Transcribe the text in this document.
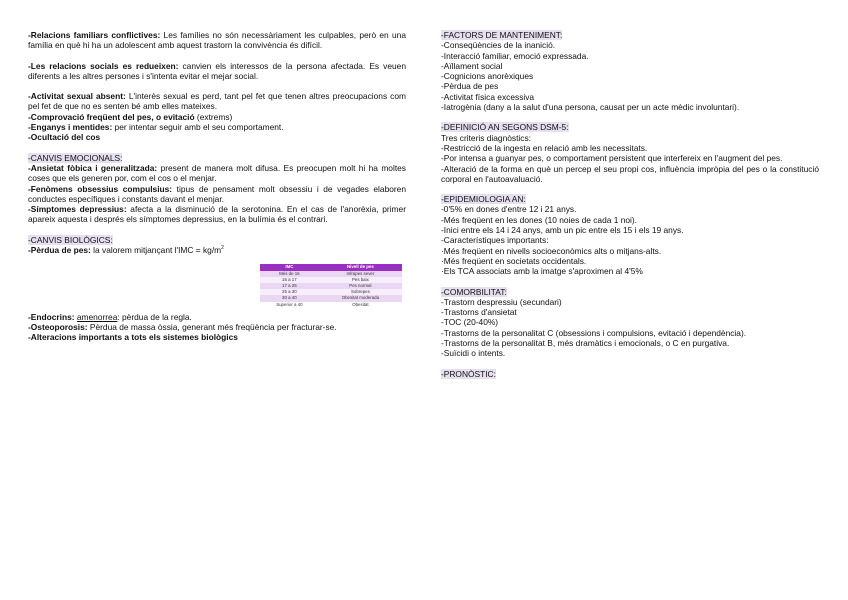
-Relacions familiars conflictives: Les famílies no són necessàriament les culpables, però en una família en què hi ha un adolescent amb aquest trastorn la convivència és difícil.

-Les relacions socials es redueixen: canvien els interessos de la persona afectada. Es veuen diferents a les altres persones i s'intenta evitar el mejar social.

-Activitat sexual absent: L'interès sexual es perd, tant pel fet que tenen altres preocupacions com pel fet de que no es senten bé amb elles mateixes.

-Comprovació freqüent del pes, o evitació (extrems)

-Enganys i mentides: per intentar seguir amb el seu comportament.

-Ocultació del cos

-CANVIS EMOCIONALS:

-Ansietat fòbica i generalitzada: present de manera molt difusa. Es preocupen molt hi ha moltes coses que els generen por, com el cos o el menjar.

-Fenòmens obsessius compulsius: tipus de pensament molt obsessiu i de vegades elaboren conductes específiques i constants davant el menjar.

-Símptomes depressius: afecta a la disminució de la serotonina. En el cas de l'anorèxia, primer apareix aquesta i després els símptomes depressius, en la bulímia és el contrari.

-CANVIS BIOLÒGICS:

-Pèrdua de pes: la valorem mitjançant $l'IMC = kg/m^2$

IMC	Nivell de pes
Més de 16	Infrapes sever
16 a 17	Pes baix
17 a 25	Pes normal
25 a 30	Sobrepes
30 a 40	Obesitat moderada
Superior a 40	Obesitat

-Endocrins: amenorrea: pèrdua de la regla.

-Osteoporosis: Pèrdua de massa òssia, generant més freqüència per fracturar-se.

-Alteracions importants a tots els sistemes biològics

-FACTORS DE MANTENIMENT:

-Conseqüències de la inanició.

-Interacció familiar, emoció expressada.

-Aïllament social

-Cognicions anorèxiques

-Pèrdua de pes

-Activitat física excessiva

-Iatrogènia (dany a la salut d'una persona, causat per un acte mèdic involuntari).

-DEFINICIÓ AN SEGONS DSM-5:

Tres criteris diagnòstics:

-Restricció de la ingesta en relació amb les necessitats.

-Por intensa a guanyar pes, o comportament persistent que interfereix en l'augment del pes.

-Alteració de la forma en què un percep el seu propi cos, influència impròpia del pes o la constitució corporal en l'autoavaluació.

-EPIDEMIOLOGIA AN:

-0'5% en dones d'entre 12 i 21 anys.

-Més freqüent en les dones (10 noies de cada 1 noi).

-Inici entre els 14 i 24 anys, amb un pic entre els 15 i els 19 anys.

-Característiques importants:

·Més freqüent en nivells socioeconòmics alts o mitjans-alts.

·Més freqüent en societats occidentals.

·Els TCA associats amb la imatge s'aproximen al 4'5%

-COMORBILITAT:

-Trastorn despressiu (secundari)

-Trastorns d'ansietat

-TOC (20-40%)

-Trastorns de la personalitat C (obsessions i compulsions, evitació i dependència).

-Trastorns de la personalitat B, més dramàtics i emocionals, o C en purgativa.

-Suïcidi o intents.

-PRONÒSTIC:
